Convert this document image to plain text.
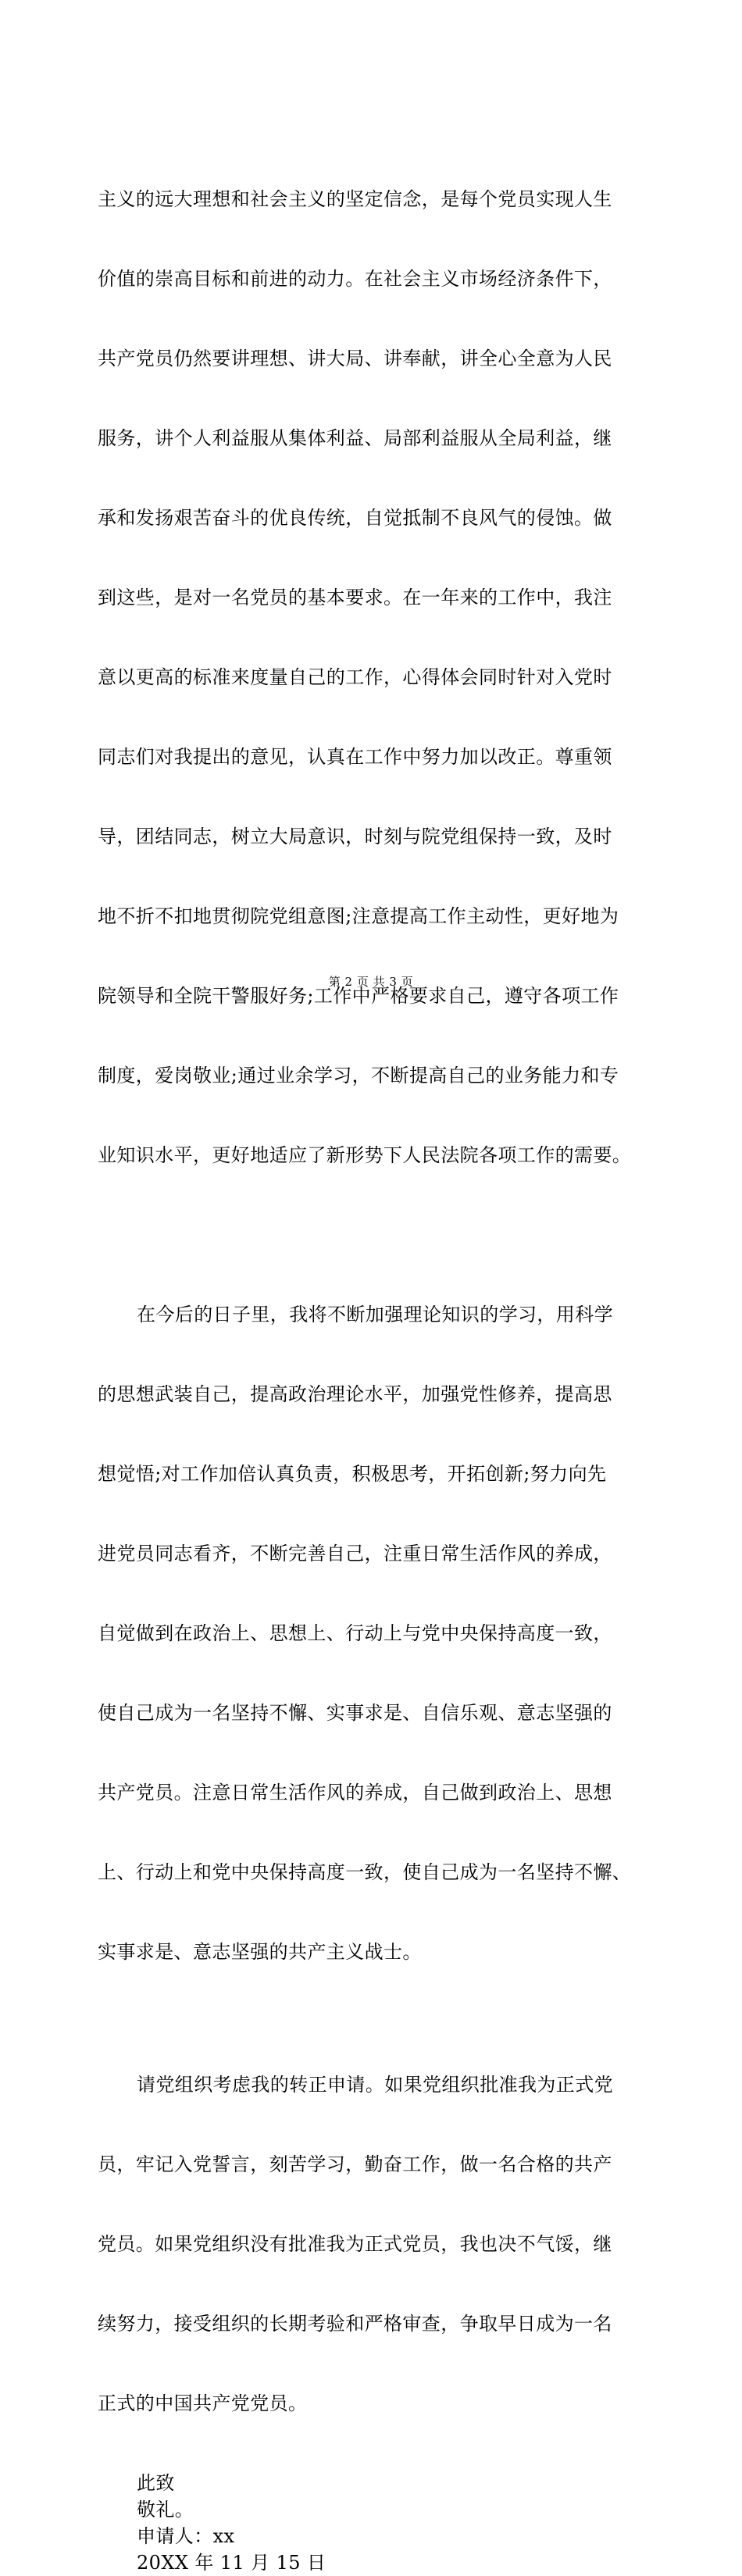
主义的远大理想和社会主义的坚定信念，是每个党员实现人生

价值的崇高目标和前进的动力。在社会主义市场经济条件下，

共产党员仍然要讲理想、讲大局、讲奉献，讲全心全意为人民

服务，讲个人利益服从集体利益、局部利益服从全局利益，继

承和发扬艰苦奋斗的优良传统，自觉抵制不良风气的侵蚀。做

到这些，是对一名党员的基本要求。在一年来的工作中，我注

意以更高的标准来度量自己的工作，心得体会同时针对入党时

同志们对我提出的意见，认真在工作中努力加以改正。尊重领

导，团结同志，树立大局意识，时刻与院党组保持一致，及时

地不折不扣地贯彻院党组意图;注意提高工作主动性，更好地为

院领导和全院干警服好务;工作中严格要求自己，遵守各项工作

制度，爱岗敬业;通过业余学习，不断提高自己的业务能力和专

业知识水平，更好地适应了新形势下人民法院各项工作的需要。

在今后的日子里，我将不断加强理论知识的学习，用科学

的思想武装自己，提高政治理论水平，加强党性修养，提高思

想觉悟;对工作加倍认真负责，积极思考，开拓创新;努力向先

进党员同志看齐，不断完善自己，注重日常生活作风的养成，

自觉做到在政治上、思想上、行动上与党中央保持高度一致，

使自己成为一名坚持不懈、实事求是、自信乐观、意志坚强的

共产党员。注意日常生活作风的养成，自己做到政治上、思想

上、行动上和党中央保持高度一致，使自己成为一名坚持不懈、

实事求是、意志坚强的共产主义战士。

请党组织考虑我的转正申请。如果党组织批准我为正式党

员，牢记入党誓言，刻苦学习，勤奋工作，做一名合格的共产

党员。如果党组织没有批准我为正式党员，我也决不气馁，继

续努力，接受组织的长期考验和严格审查，争取早日成为一名

正式的中国共产党党员。

此致
敬礼。
申请人：xx
20XX 年 11 月 15 日
第 2 页 共 3 页
